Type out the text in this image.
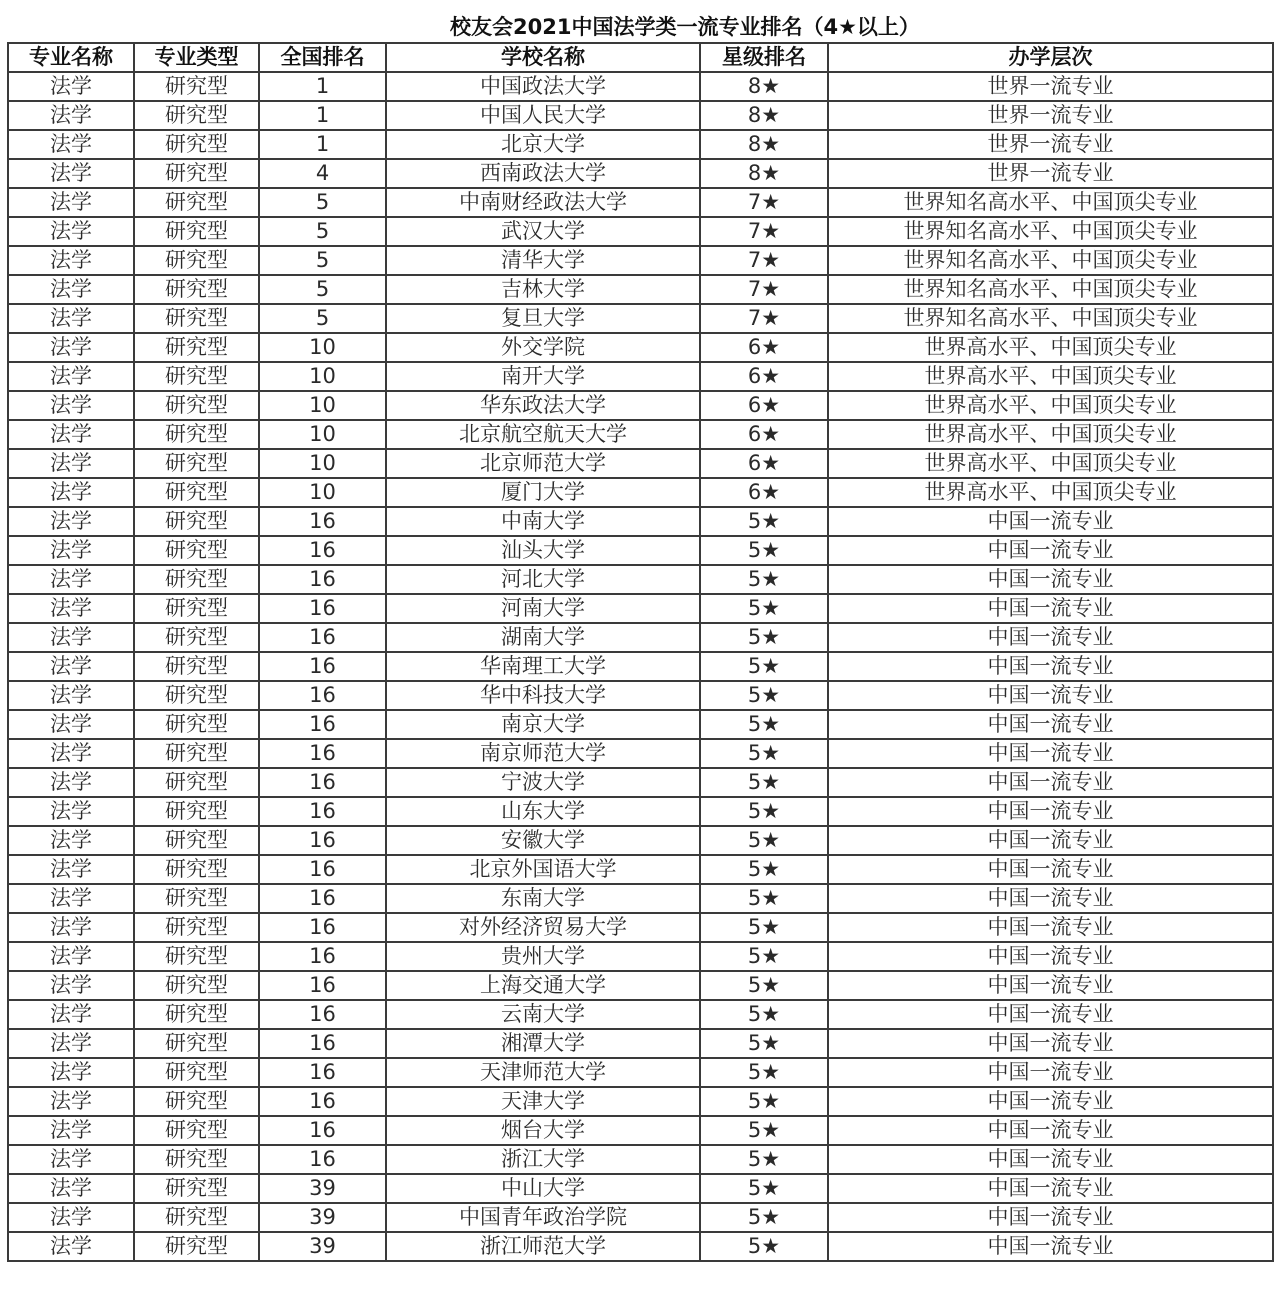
校友会2021中国法学类一流专业排名（4★以上）
专业名称	专业类型	全国排名	学校名称	星级排名	办学层次
法学	研究型	1	中国政法大学	8★	世界一流专业
法学	研究型	1	中国人民大学	8★	世界一流专业
法学	研究型	1	北京大学	8★	世界一流专业
法学	研究型	4	西南政法大学	8★	世界一流专业
法学	研究型	5	中南财经政法大学	7★	世界知名高水平、中国顶尖专业
法学	研究型	5	武汉大学	7★	世界知名高水平、中国顶尖专业
法学	研究型	5	清华大学	7★	世界知名高水平、中国顶尖专业
法学	研究型	5	吉林大学	7★	世界知名高水平、中国顶尖专业
法学	研究型	5	复旦大学	7★	世界知名高水平、中国顶尖专业
法学	研究型	10	外交学院	6★	世界高水平、中国顶尖专业
法学	研究型	10	南开大学	6★	世界高水平、中国顶尖专业
法学	研究型	10	华东政法大学	6★	世界高水平、中国顶尖专业
法学	研究型	10	北京航空航天大学	6★	世界高水平、中国顶尖专业
法学	研究型	10	北京师范大学	6★	世界高水平、中国顶尖专业
法学	研究型	10	厦门大学	6★	世界高水平、中国顶尖专业
法学	研究型	16	中南大学	5★	中国一流专业
法学	研究型	16	汕头大学	5★	中国一流专业
法学	研究型	16	河北大学	5★	中国一流专业
法学	研究型	16	河南大学	5★	中国一流专业
法学	研究型	16	湖南大学	5★	中国一流专业
法学	研究型	16	华南理工大学	5★	中国一流专业
法学	研究型	16	华中科技大学	5★	中国一流专业
法学	研究型	16	南京大学	5★	中国一流专业
法学	研究型	16	南京师范大学	5★	中国一流专业
法学	研究型	16	宁波大学	5★	中国一流专业
法学	研究型	16	山东大学	5★	中国一流专业
法学	研究型	16	安徽大学	5★	中国一流专业
法学	研究型	16	北京外国语大学	5★	中国一流专业
法学	研究型	16	东南大学	5★	中国一流专业
法学	研究型	16	对外经济贸易大学	5★	中国一流专业
法学	研究型	16	贵州大学	5★	中国一流专业
法学	研究型	16	上海交通大学	5★	中国一流专业
法学	研究型	16	云南大学	5★	中国一流专业
法学	研究型	16	湘潭大学	5★	中国一流专业
法学	研究型	16	天津师范大学	5★	中国一流专业
法学	研究型	16	天津大学	5★	中国一流专业
法学	研究型	16	烟台大学	5★	中国一流专业
法学	研究型	16	浙江大学	5★	中国一流专业
法学	研究型	39	中山大学	5★	中国一流专业
法学	研究型	39	中国青年政治学院	5★	中国一流专业
法学	研究型	39	浙江师范大学	5★	中国一流专业
